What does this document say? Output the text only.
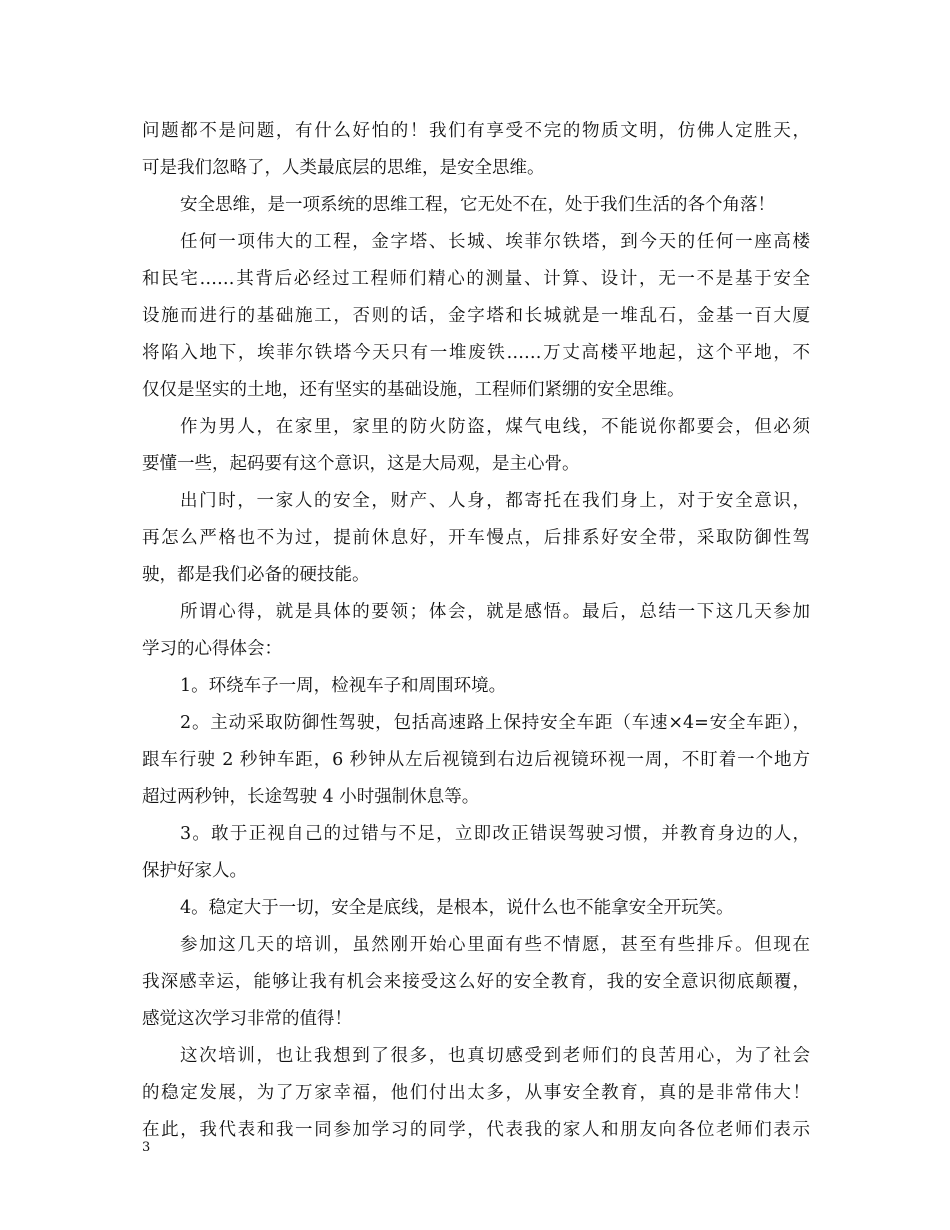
问题都不是问题，有什么好怕的！我们有享受不完的物质文明，仿佛人定胜天，
可是我们忽略了，人类最底层的思维，是安全思维。
安全思维，是一项系统的思维工程，它无处不在，处于我们生活的各个角落！
任何一项伟大的工程，金字塔、长城、埃菲尔铁塔，到今天的任何一座高楼
和民宅……其背后必经过工程师们精心的测量、计算、设计，无一不是基于安全
设施而进行的基础施工，否则的话，金字塔和长城就是一堆乱石，金基一百大厦
将陷入地下，埃菲尔铁塔今天只有一堆废铁……万丈高楼平地起，这个平地，不
仅仅是坚实的土地，还有坚实的基础设施，工程师们紧绷的安全思维。
作为男人，在家里，家里的防火防盗，煤气电线，不能说你都要会，但必须
要懂一些，起码要有这个意识，这是大局观，是主心骨。
出门时，一家人的安全，财产、人身，都寄托在我们身上，对于安全意识，
再怎么严格也不为过，提前休息好，开车慢点，后排系好安全带，采取防御性驾
驶，都是我们必备的硬技能。
所谓心得，就是具体的要领；体会，就是感悟。最后，总结一下这几天参加
学习的心得体会：
1。环绕车子一周，检视车子和周围环境。
2。主动采取防御性驾驶，包括高速路上保持安全车距（车速×4=安全车距），
跟车行驶 2 秒钟车距，6 秒钟从左后视镜到右边后视镜环视一周，不盯着一个地方
超过两秒钟，长途驾驶 4 小时强制休息等。
3。敢于正视自己的过错与不足，立即改正错误驾驶习惯，并教育身边的人，
保护好家人。
4。稳定大于一切，安全是底线，是根本，说什么也不能拿安全开玩笑。
参加这几天的培训，虽然刚开始心里面有些不情愿，甚至有些排斥。但现在
我深感幸运，能够让我有机会来接受这么好的安全教育，我的安全意识彻底颠覆，
感觉这次学习非常的值得！
这次培训，也让我想到了很多，也真切感受到老师们的良苦用心，为了社会
的稳定发展，为了万家幸福，他们付出太多，从事安全教育，真的是非常伟大！
在此，我代表和我一同参加学习的同学，代表我的家人和朋友向各位老师们表示
3
